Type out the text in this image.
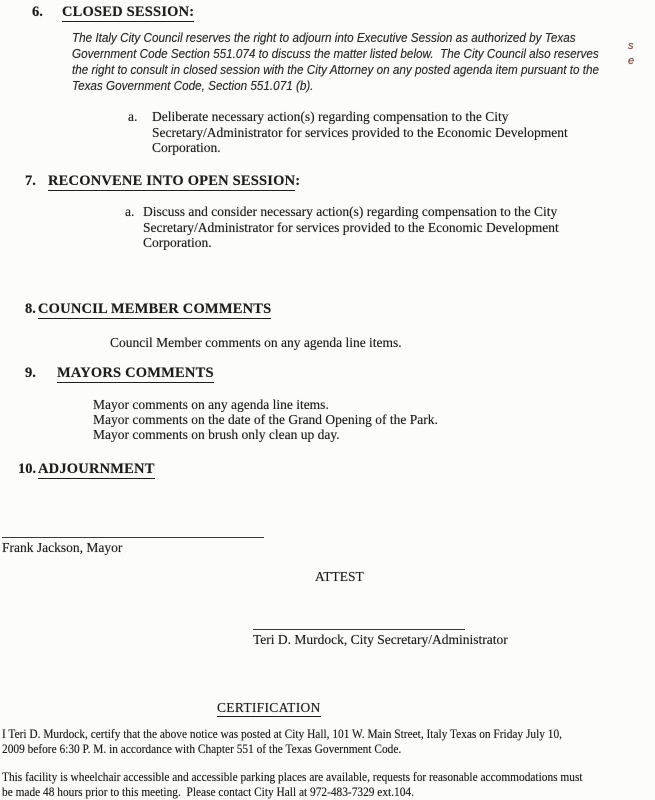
6. CLOSED SESSION:
The Italy City Council reserves the right to adjourn into Executive Session as authorized by Texas
Government Code Section 551.074 to discuss the matter listed below.  The City Council also reserves
the right to consult in closed session with the City Attorney on any posted agenda item pursuant to the
Texas Government Code, Section 551.071 (b).
a.	Deliberate necessary action(s) regarding compensation to the City
Secretary/Administrator for services provided to the Economic Development
Corporation.
7. RECONVENE INTO OPEN SESSION:
a. Discuss and consider necessary action(s) regarding compensation to the City
Secretary/Administrator for services provided to the Economic Development
Corporation.
8. COUNCIL MEMBER COMMENTS
Council Member comments on any agenda line items.
9. MAYORS COMMENTS
Mayor comments on any agenda line items.
Mayor comments on the date of the Grand Opening of the Park.
Mayor comments on brush only clean up day.
10. ADJOURNMENT
Frank Jackson, Mayor
ATTEST
Teri D. Murdock, City Secretary/Administrator
CERTIFICATION
I Teri D. Murdock, certify that the above notice was posted at City Hall, 101 W. Main Street, Italy Texas on Friday July 10,
2009 before 6:30 P. M. in accordance with Chapter 551 of the Texas Government Code.
This facility is wheelchair accessible and accessible parking places are available, requests for reasonable accommodations must
be made 48 hours prior to this meeting.  Please contact City Hall at 972-483-7329 ext.104.
s
e
